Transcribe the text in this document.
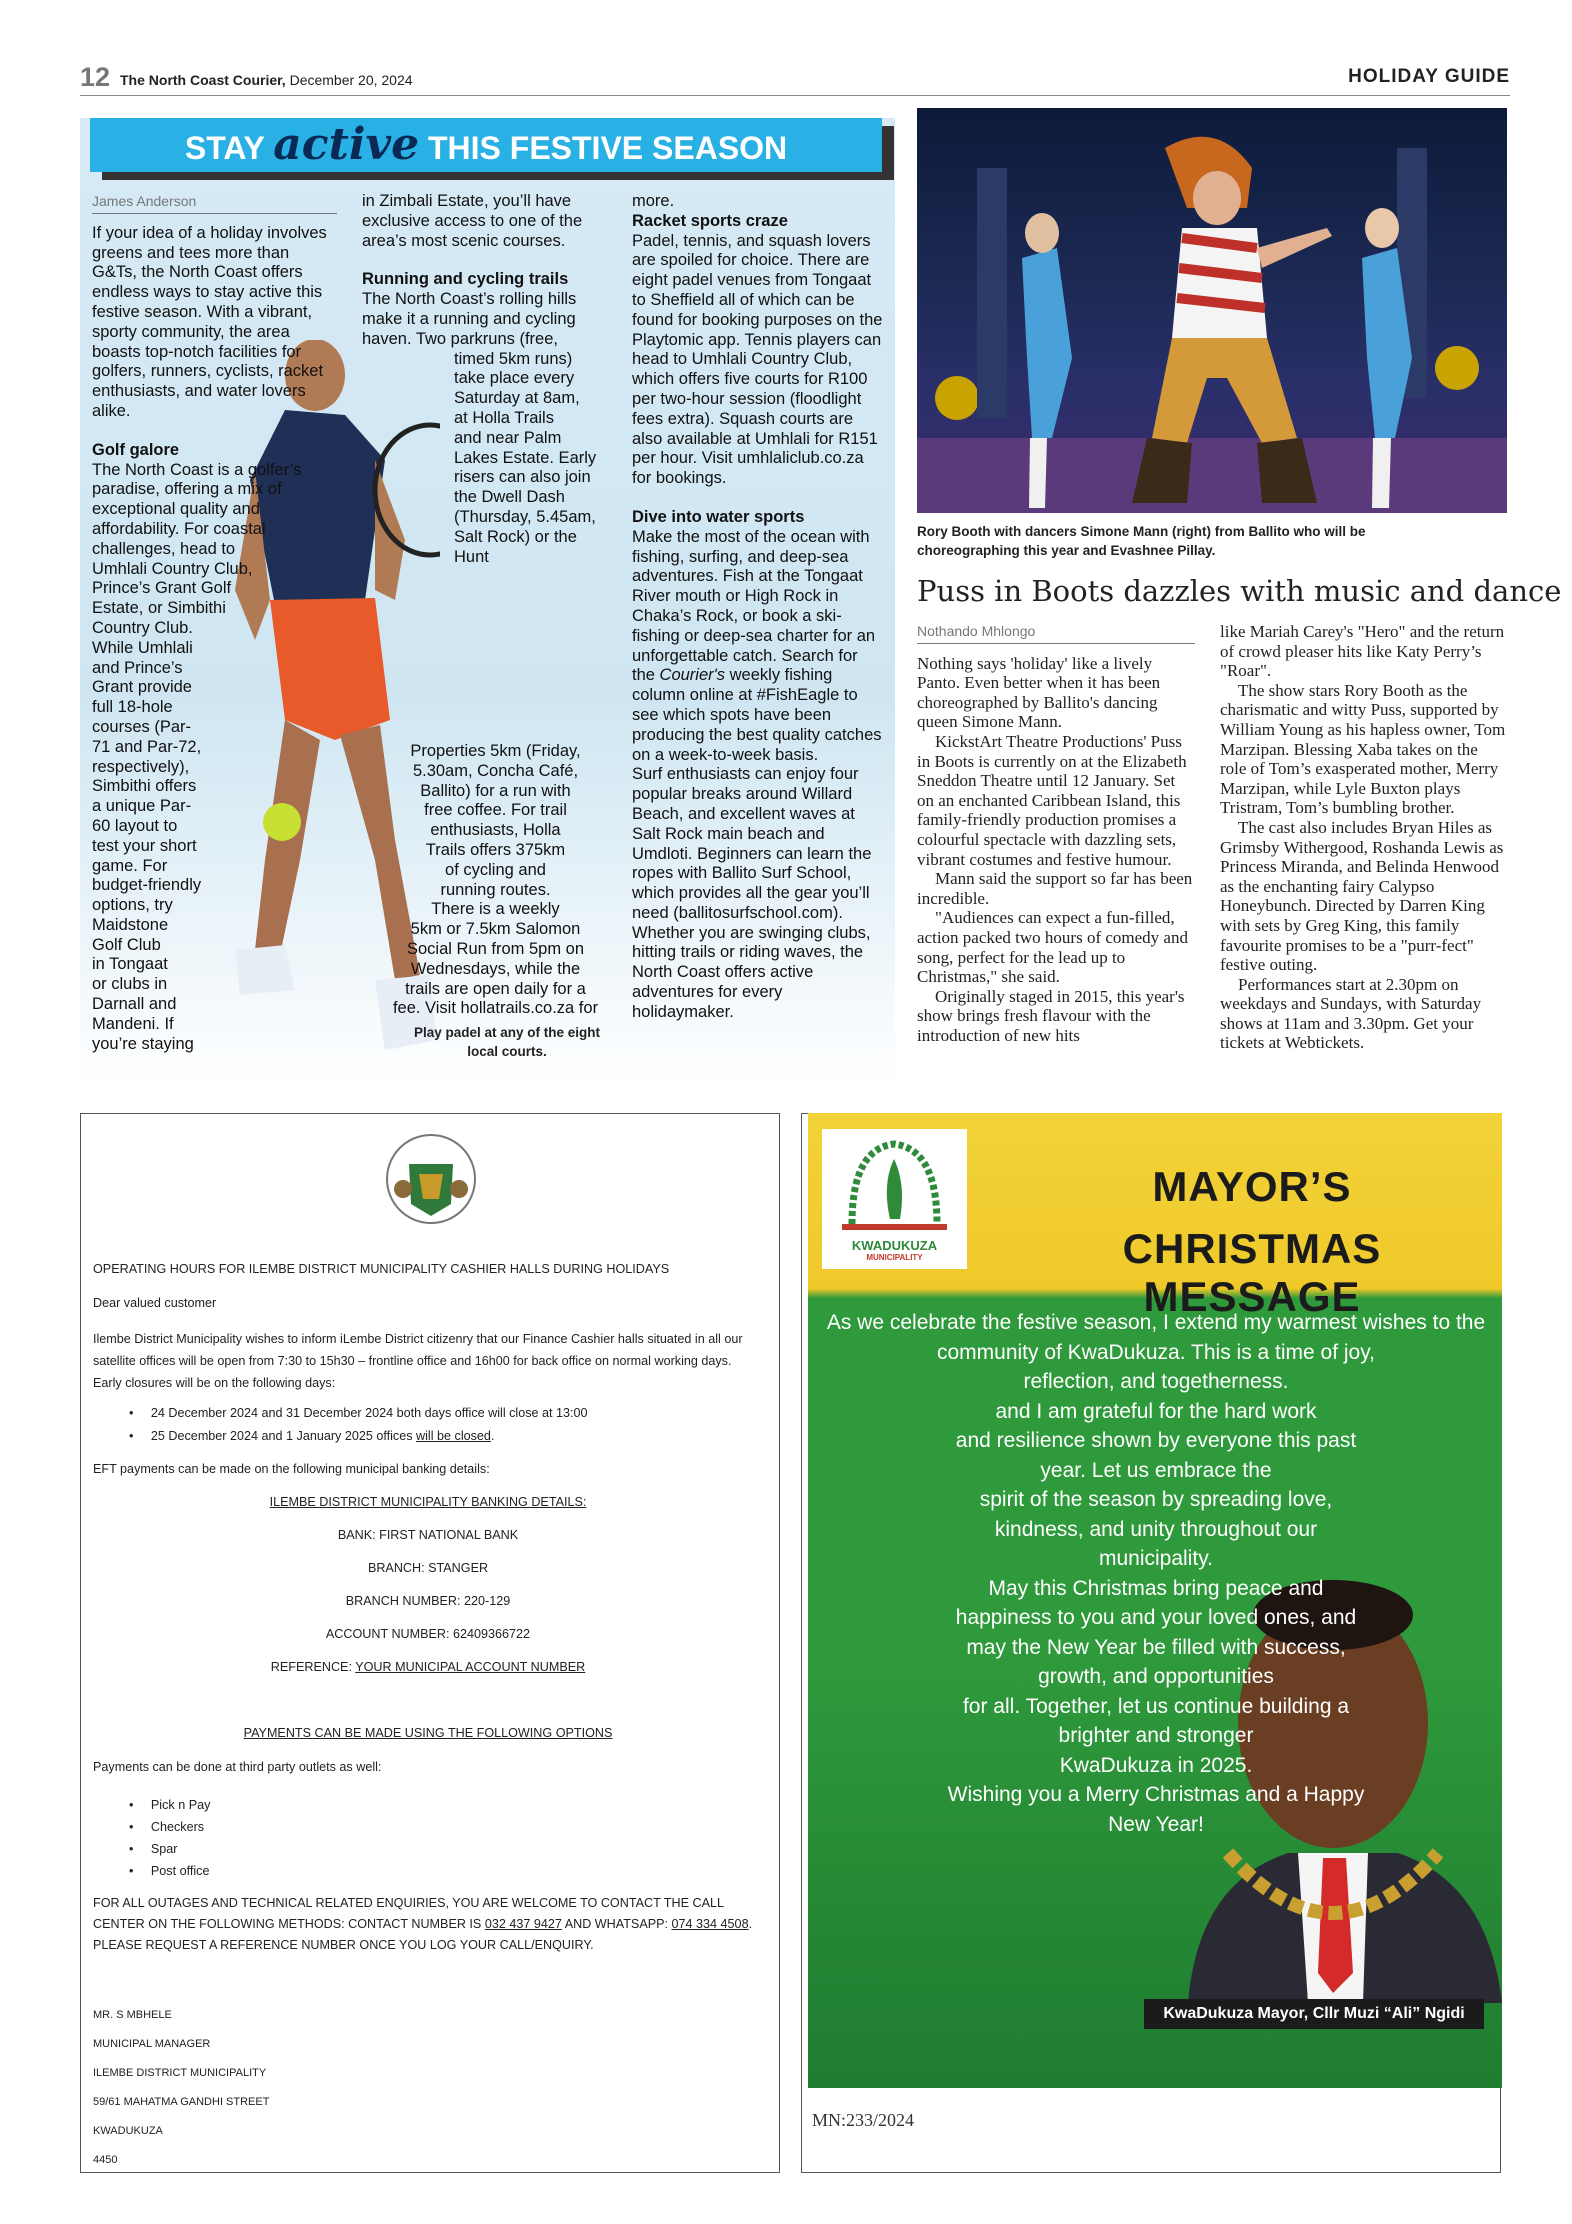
12 The North Coast Courier, December 20, 2024	HOLIDAY GUIDE
STAY active THIS FESTIVE SEASON
James Anderson

If your idea of a holiday involves greens and tees more than G&Ts, the North Coast offers endless ways to stay active this festive season. With a vibrant, sporty community, the area boasts top-notch facilities for golfers, runners, cyclists, racket enthusiasts, and water lovers alike.

Golf galore

The North Coast is a golfer’s
paradise, offering a mix of
exceptional quality and
affordability. For coastal
challenges, head to
Umhlali Country Club,
Prince’s Grant Golf
Estate, or Simbithi
Country Club.
While Umhlali
and Prince’s
Grant provide
full 18-hole
courses (Par-
71 and Par-72,
respectively),
Simbithi offers
a unique Par-
60 layout to
test your short
game. For
budget-friendly
options, try
Maidstone
Golf Club
in Tongaat
or clubs in
Darnall and
Mandeni. If
you’re staying

in Zimbali Estate, you’ll have exclusive access to one of the area’s most scenic courses.

Running and cycling trails

The North Coast’s rolling hills make it a running and cycling haven. Two parkruns (free,

timed 5km runs)
take place every
Saturday at 8am,
at Holla Trails
and near Palm
Lakes Estate. Early
risers can also join
the Dwell Dash
(Thursday, 5.45am,
Salt Rock) or the
Hunt
Properties 5km (Friday,
5.30am, Concha Café,
Ballito) for a run with
free coffee. For trail
enthusiasts, Holla
Trails offers 375km
of cycling and
running routes.
There is a weekly
5km or 7.5km Salomon
Social Run from 5pm on
Wednesdays, while the
trails are open daily for a
fee. Visit hollatrails.co.za for
Play padel at any of the eight local courts.

more.

Racket sports craze

Padel, tennis, and squash lovers are spoiled for choice. There are eight padel venues from Tongaat to Sheffield all of which can be found for booking purposes on the Playtomic app. Tennis players can head to Umhlali Country Club, which offers five courts for R100 per two-hour session (floodlight fees extra). Squash courts are also available at Umhlali for R151 per hour. Visit umhlaliclub.co.za for bookings.

Dive into water sports

Make the most of the ocean with fishing, surfing, and deep-sea adventures. Fish at the Tongaat River mouth or High Rock in Chaka’s Rock, or book a ski-fishing or deep-sea charter for an unforgettable catch. Search for the Courier's weekly fishing column online at #FishEagle to see which spots have been producing the best quality catches on a week-to-week basis.

Surf enthusiasts can enjoy four popular breaks around Willard Beach, and excellent waves at Salt Rock main beach and Umdloti. Beginners can learn the ropes with Ballito Surf School, which provides all the gear you’ll need (ballitosurfschool.com). Whether you are swinging clubs, hitting trails or riding waves, the North Coast offers active adventures for every holidaymaker.

Rory Booth with dancers Simone Mann (right) from Ballito who will be choreographing this year and Evashnee Pillay.
Puss in Boots dazzles with music and dance
Nothando Mhlongo

Nothing says 'holiday' like a lively Panto. Even better when it has been choreographed by Ballito's dancing queen Simone Mann.

KickstArt Theatre Productions' Puss in Boots is currently on at the Elizabeth Sneddon Theatre until 12 January. Set on an enchanted Caribbean Island, this family-friendly production promises a colourful spectacle with dazzling sets, vibrant costumes and festive humour.

Mann said the support so far has been incredible.

"Audiences can expect a fun-filled, action packed two hours of comedy and song, perfect for the lead up to Christmas," she said.

Originally staged in 2015, this year's show brings fresh flavour with the introduction of new hits

like Mariah Carey's "Hero" and the return of crowd pleaser hits like Katy Perry’s "Roar".

The show stars Rory Booth as the charismatic and witty Puss, supported by William Young as his hapless owner, Tom Marzipan. Blessing Xaba takes on the role of Tom’s exasperated mother, Merry Marzipan, while Lyle Buxton plays Tristram, Tom’s bumbling brother.

The cast also includes Bryan Hiles as Grimsby Withergood, Roshanda Lewis as Princess Miranda, and Belinda Henwood as the enchanting fairy Calypso Honeybunch. Directed by Darren King with sets by Greg King, this family favourite promises to be a "purr-fect" festive outing.

Performances start at 2.30pm on weekdays and Sundays, with Saturday shows at 11am and 3.30pm. Get your tickets at Webtickets.

OPERATING HOURS FOR ILEMBE DISTRICT MUNICIPALITY CASHIER HALLS DURING HOLIDAYS
Dear valued customer
Ilembe District Municipality wishes to inform iLembe District citizenry that our Finance Cashier halls situated in all our satellite offices will be open from 7:30 to 15h30 – frontline office and 16h00 for back office on normal working days. Early closures will be on the following days:
•     24 December 2024 and 31 December 2024 both days office will close at 13:00
•     25 December 2024 and 1 January 2025 offices will be closed.
EFT payments can be made on the following municipal banking details:
ILEMBE DISTRICT MUNICIPALITY BANKING DETAILS:
BANK: FIRST NATIONAL BANK
BRANCH: STANGER
BRANCH NUMBER: 220-129
ACCOUNT NUMBER: 62409366722
REFERENCE: YOUR MUNICIPAL ACCOUNT NUMBER
PAYMENTS CAN BE MADE USING THE FOLLOWING OPTIONS
Payments can be done at third party outlets as well:
•     Pick n Pay
•     Checkers
•     Spar
•     Post office
FOR ALL OUTAGES AND TECHNICAL RELATED ENQUIRIES, YOU ARE WELCOME TO CONTACT THE CALL CENTER ON THE FOLLOWING METHODS: CONTACT NUMBER IS 032 437 9427 AND WHATSAPP: 074 334 4508. PLEASE REQUEST A REFERENCE NUMBER ONCE YOU LOG YOUR CALL/ENQUIRY.
MR. S MBHELE
MUNICIPAL MANAGER
ILEMBE DISTRICT MUNICIPALITY
59/61 MAHATMA GANDHI STREET
KWADUKUZA
4450
KWADUKUZA
MUNICIPALITY
MAYOR’S
CHRISTMAS MESSAGE
As we celebrate the festive season, I extend my warmest wishes to the
community of KwaDukuza. This is a time of joy,
reflection, and togetherness.
and I am grateful for the hard work
and resilience shown by everyone this past
year. Let us embrace the
spirit of the season by spreading love,
kindness, and unity throughout our
municipality.
May this Christmas bring peace and
happiness to you and your loved ones, and
may the New Year be filled with success,
growth, and opportunities
for all. Together, let us continue building a
brighter and stronger
KwaDukuza in 2025.
Wishing you a Merry Christmas and a Happy
New Year!
KwaDukuza Mayor, Cllr Muzi “Ali” Ngidi
MN:233/2024
